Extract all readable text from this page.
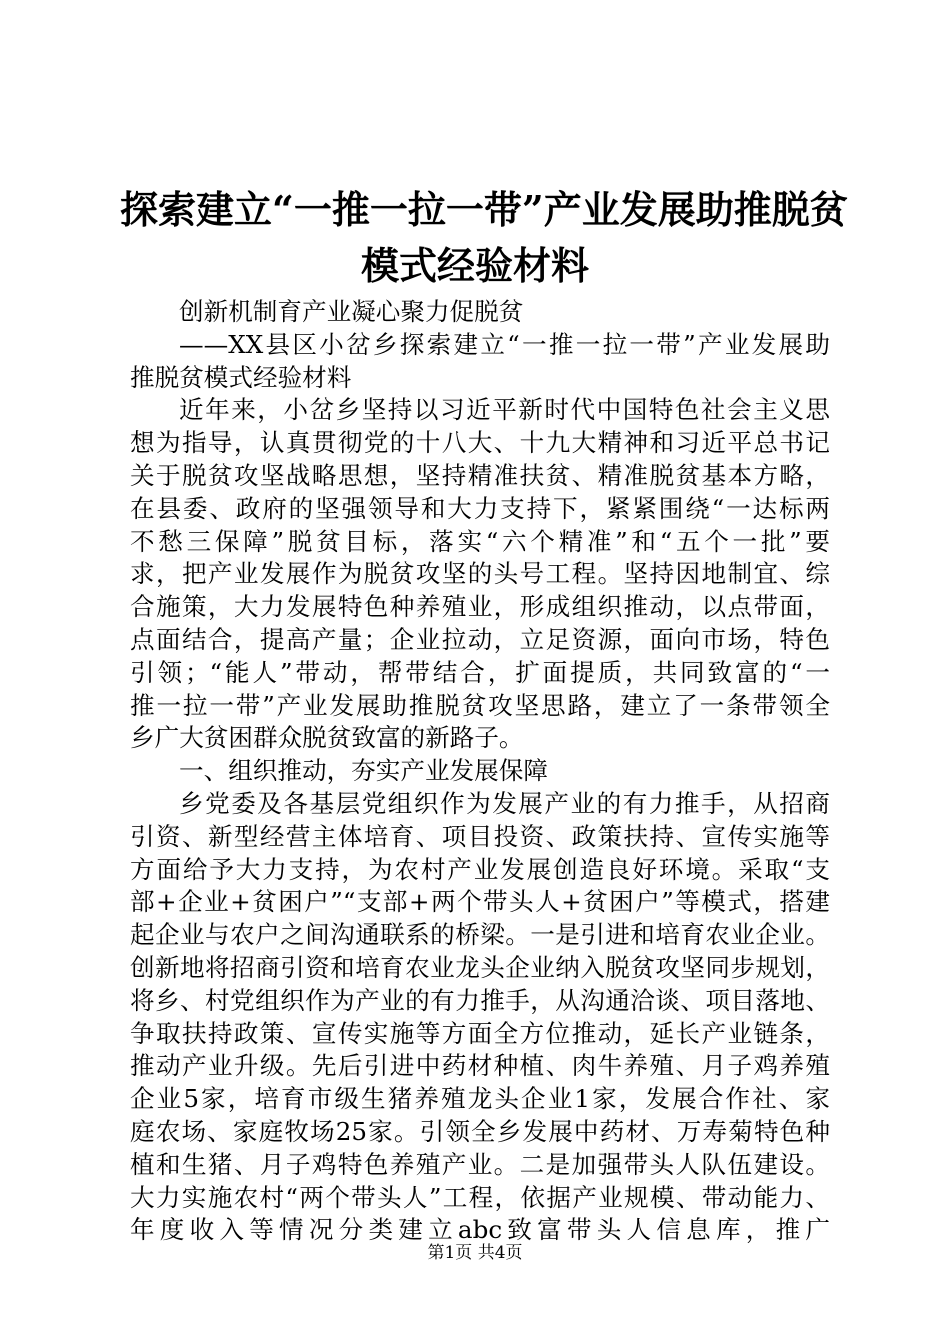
探索建立“一推一拉一带”产业发展助推脱贫
模式经验材料
创新机制育产业凝心聚力促脱贫
——XX县区小岔乡探索建立“一推一拉一带”产业发展助
推脱贫模式经验材料
近年来，小岔乡坚持以习近平新时代中国特色社会主义思
想为指导，认真贯彻党的十八大、十九大精神和习近平总书记
关于脱贫攻坚战略思想，坚持精准扶贫、精准脱贫基本方略，
在县委、政府的坚强领导和大力支持下，紧紧围绕“一达标两
不愁三保障”脱贫目标，落实“六个精准”和“五个一批”要
求，把产业发展作为脱贫攻坚的头号工程。坚持因地制宜、综
合施策，大力发展特色种养殖业，形成组织推动，以点带面，
点面结合，提高产量；企业拉动，立足资源，面向市场，特色
引领；“能人”带动，帮带结合，扩面提质，共同致富的“一
推一拉一带”产业发展助推脱贫攻坚思路，建立了一条带领全
乡广大贫困群众脱贫致富的新路子。
一、组织推动，夯实产业发展保障
乡党委及各基层党组织作为发展产业的有力推手，从招商
引资、新型经营主体培育、项目投资、政策扶持、宣传实施等
方面给予大力支持，为农村产业发展创造良好环境。采取“支
部+企业+贫困户”“支部+两个带头人+贫困户”等模式，搭建
起企业与农户之间沟通联系的桥梁。一是引进和培育农业企业。
创新地将招商引资和培育农业龙头企业纳入脱贫攻坚同步规划，
将乡、村党组织作为产业的有力推手，从沟通洽谈、项目落地、
争取扶持政策、宣传实施等方面全方位推动，延长产业链条，
推动产业升级。先后引进中药材种植、肉牛养殖、月子鸡养殖
企业5家，培育市级生猪养殖龙头企业1家，发展合作社、家
庭农场、家庭牧场25家。引领全乡发展中药材、万寿菊特色种
植和生猪、月子鸡特色养殖产业。二是加强带头人队伍建设。
大力实施农村“两个带头人”工程，依据产业规模、带动能力、
年度收入等情况分类建立abc致富带头人信息库，推广
第1页 共4页
